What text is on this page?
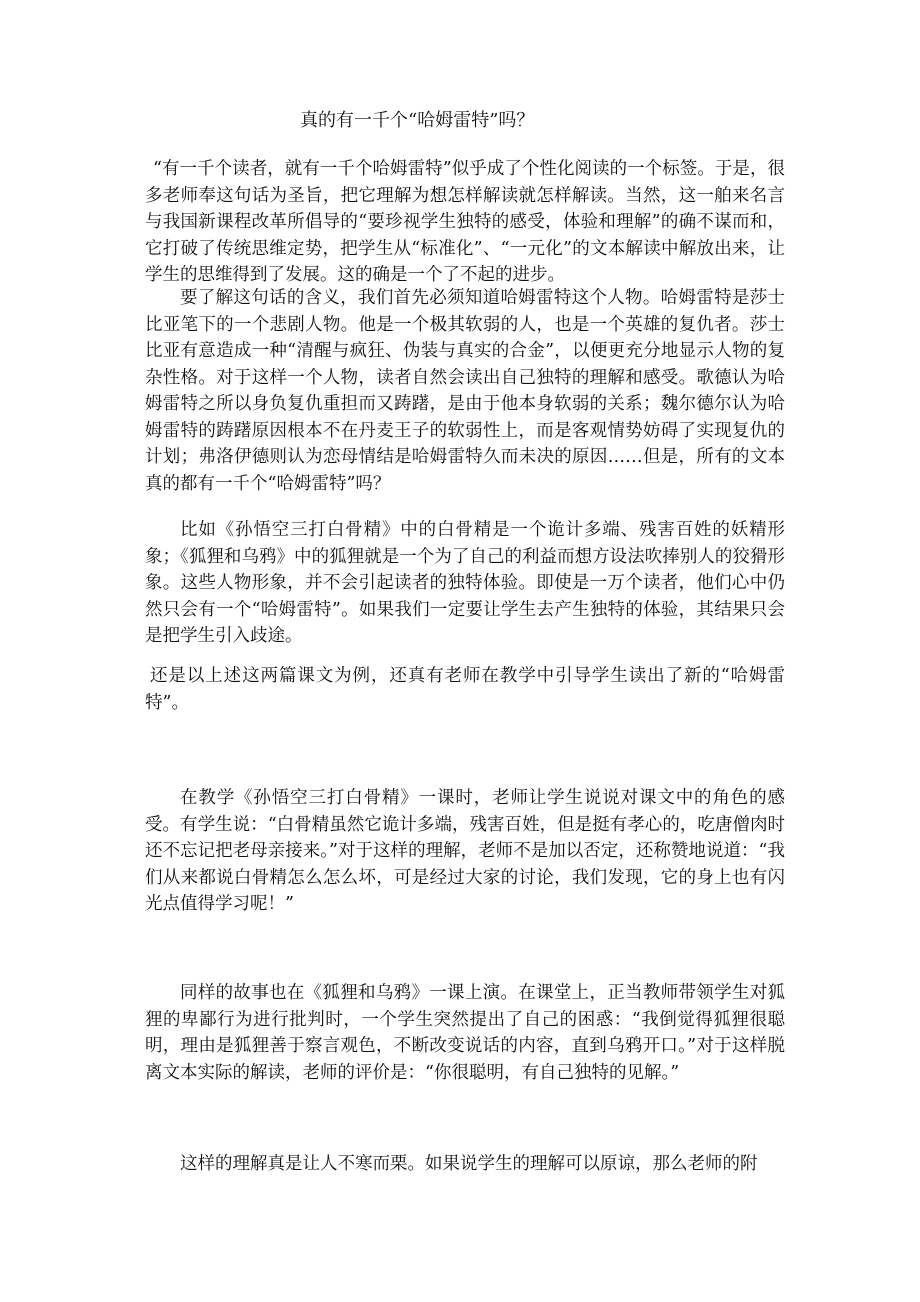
真的有一千个“哈姆雷特”吗？

“有一千个读者，就有一千个哈姆雷特”似乎成了个性化阅读的一个标签。于是，很多老师奉这句话为圣旨，把它理解为想怎样解读就怎样解读。当然，这一舶来名言与我国新课程改革所倡导的“要珍视学生独特的感受，体验和理解”的确不谋而和，它打破了传统思维定势，把学生从“标准化”、“一元化”的文本解读中解放出来，让学生的思维得到了发展。这的确是一个了不起的进步。

要了解这句话的含义，我们首先必须知道哈姆雷特这个人物。哈姆雷特是莎士比亚笔下的一个悲剧人物。他是一个极其软弱的人，也是一个英雄的复仇者。莎士比亚有意造成一种“清醒与疯狂、伪装与真实的合金”，以便更充分地显示人物的复杂性格。对于这样一个人物，读者自然会读出自己独特的理解和感受。歌德认为哈姆雷特之所以身负复仇重担而又踌躇，是由于他本身软弱的关系；魏尔德尔认为哈姆雷特的踌躇原因根本不在丹麦王子的软弱性上，而是客观情势妨碍了实现复仇的计划；弗洛伊德则认为恋母情结是哈姆雷特久而未决的原因……但是，所有的文本真的都有一千个“哈姆雷特”吗？

比如《孙悟空三打白骨精》中的白骨精是一个诡计多端、残害百姓的妖精形象；《狐狸和乌鸦》中的狐狸就是一个为了自己的利益而想方设法吹捧别人的狡猾形象。这些人物形象，并不会引起读者的独特体验。即使是一万个读者，他们心中仍然只会有一个“哈姆雷特”。如果我们一定要让学生去产生独特的体验，其结果只会是把学生引入歧途。

还是以上述这两篇课文为例，还真有老师在教学中引导学生读出了新的“哈姆雷特”。

在教学《孙悟空三打白骨精》一课时，老师让学生说说对课文中的角色的感受。有学生说：“白骨精虽然它诡计多端，残害百姓，但是挺有孝心的，吃唐僧肉时还不忘记把老母亲接来。”对于这样的理解，老师不是加以否定，还称赞地说道：“我们从来都说白骨精怎么怎么坏，可是经过大家的讨论，我们发现，它的身上也有闪光点值得学习呢！”

同样的故事也在《狐狸和乌鸦》一课上演。在课堂上，正当教师带领学生对狐狸的卑鄙行为进行批判时，一个学生突然提出了自己的困惑：“我倒觉得狐狸很聪明，理由是狐狸善于察言观色，不断改变说话的内容，直到乌鸦开口。”对于这样脱离文本实际的解读，老师的评价是：“你很聪明，有自己独特的见解。”

这样的理解真是让人不寒而栗。如果说学生的理解可以原谅，那么老师的附
